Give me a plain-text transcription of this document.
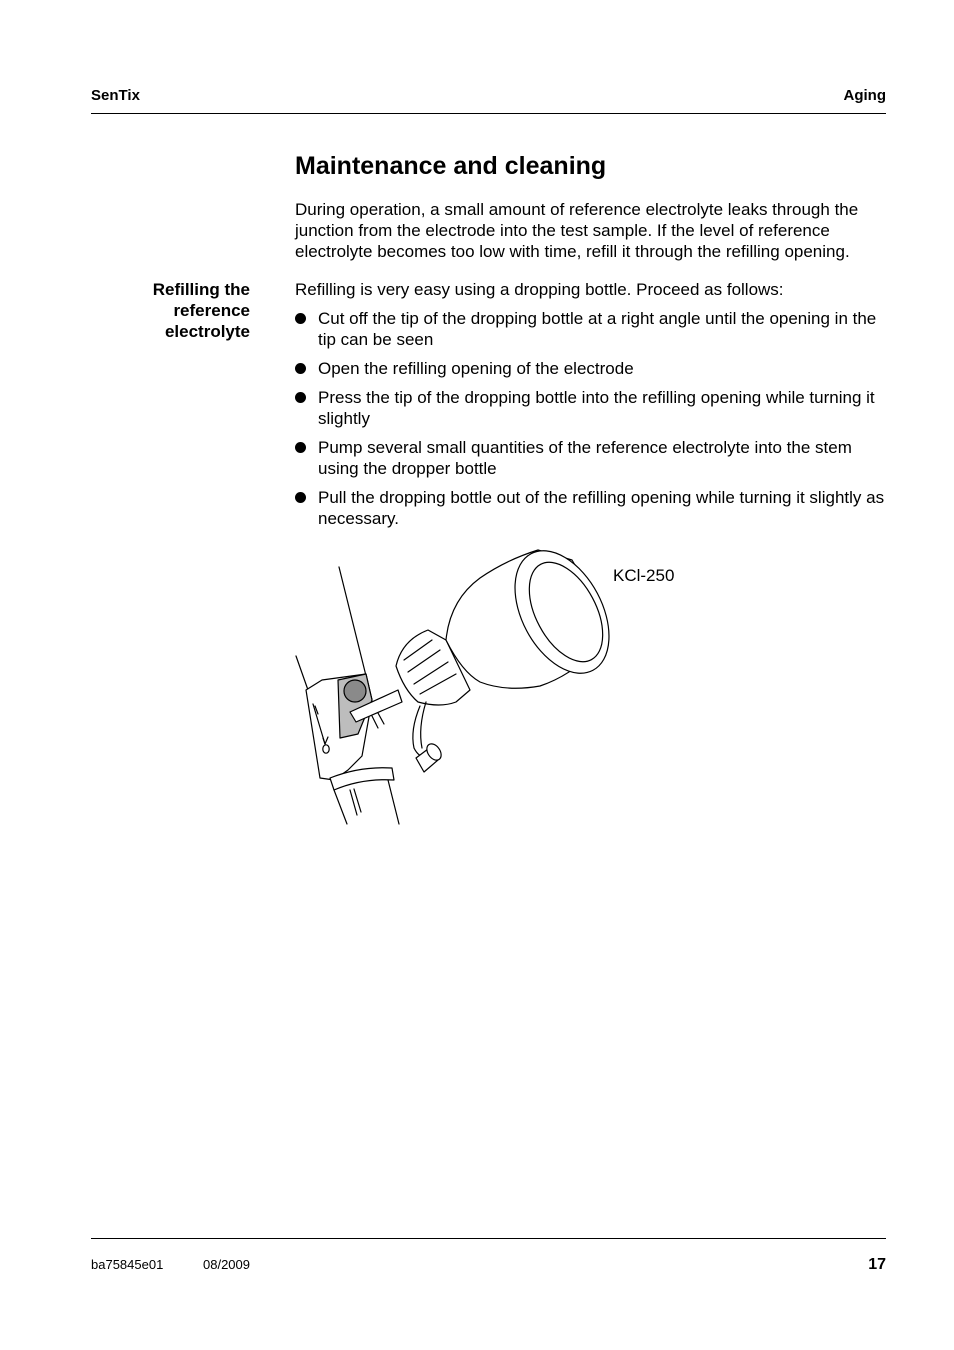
SenTix	Aging
Maintenance and cleaning

During operation, a small amount of reference electrolyte leaks through the junction from the electrode into the test sample. If the level of reference electrolyte becomes too low with time, refill it through the refilling opening.

Refilling the
reference
electrolyte

Refilling is very easy using a dropping bottle. Proceed as follows:

Cut off the tip of the dropping bottle at a right angle until the opening in the tip can be seen
Open the refilling opening of the electrode
Press the tip of the dropping bottle into the refilling opening while turning it slightly
Pump several small quantities of the reference electrolyte into the stem using the dropper bottle
Pull the dropping bottle out of the refilling opening while turning it slightly as necessary.
KCl-250
ba75845e01	08/2009	17
